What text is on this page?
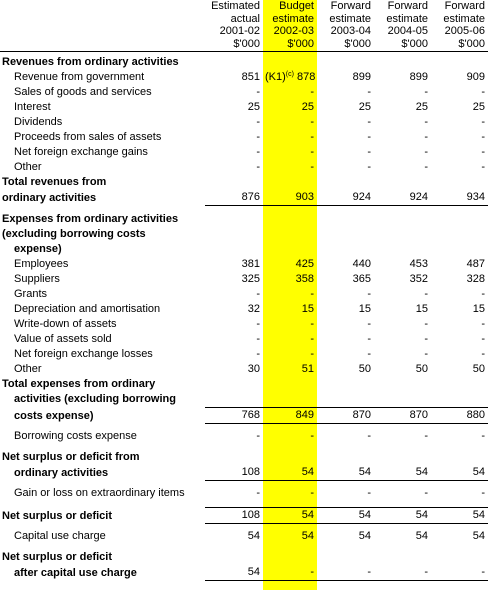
	Estimated	Budget	Forward	Forward	Forward
	actual	estimate	estimate	estimate	estimate
	2001-02	2002-03	2003-04	2004-05	2005-06
	$'000	$'000	$'000	$'000	$'000

Revenues from ordinary activities					
Revenue from government	851	$(K1)^{(c)}$ 878	899	899	909
Sales of goods and services	-	-	-	-	-
Interest	25	25	25	25	25
Dividends	-	-	-	-	-
Proceeds from sales of assets	-	-	-	-	-
Net foreign exchange gains	-	-	-	-	-
Other	-	-	-	-	-
Total revenues from					
ordinary activities	876	903	924	924	934

Expenses from ordinary activities					
(excluding borrowing costs					
expense)					
Employees	381	425	440	453	487
Suppliers	325	358	365	352	328
Grants	-	-	-	-	-
Depreciation and amortisation	32	15	15	15	15
Write-down of assets	-	-	-	-	-
Value of assets sold	-	-	-	-	-
Net foreign exchange losses	-	-	-	-	-
Other	30	51	50	50	50
Total expenses from ordinary					
activities (excluding borrowing					
costs expense)	768	849	870	870	880
Borrowing costs expense	-	-	-	-	-

Net surplus or deficit from					
ordinary activities	108	54	54	54	54
Gain or loss on extraordinary items	-	-	-	-	-

Net surplus or deficit	108	54	54	54	54
Capital use charge	54	54	54	54	54

Net surplus or deficit					
after capital use charge	54	-	-	-	-
